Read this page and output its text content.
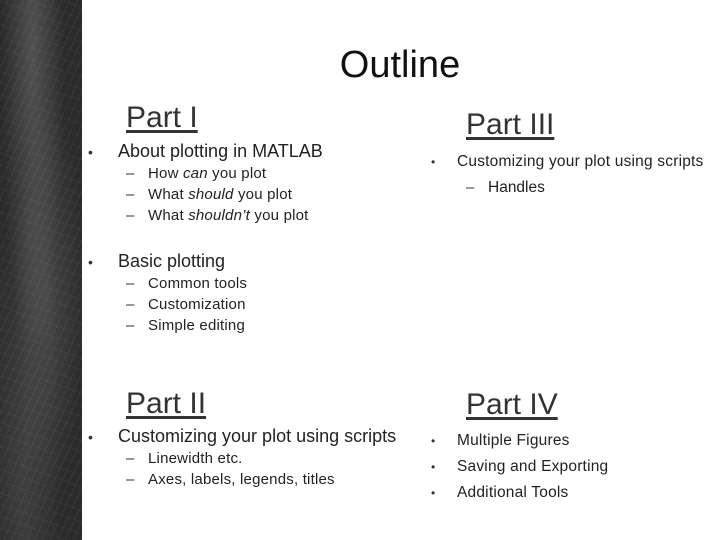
Outline
Part I
•	About plotting in MATLAB
– How can you plot
– What should you plot
– What shouldn’t you plot
•	Basic plotting
– Common tools
– Customization
– Simple editing
Part II
•	Customizing your plot using scripts
– Linewidth etc.
– Axes, labels, legends, titles
Part III
•	Customizing your plot using scripts
– Handles
Part IV
•	Multiple Figures
•	Saving and Exporting
•	Additional Tools
